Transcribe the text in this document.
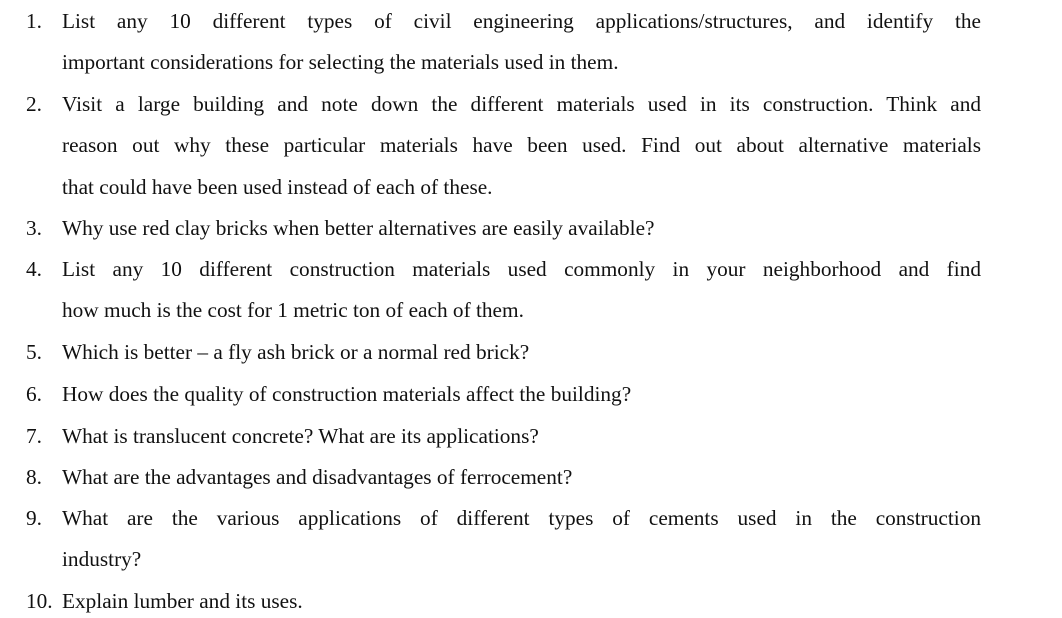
1. List any 10 different types of civil engineering applications/structures, and identify the
important considerations for selecting the materials used in them.
2. Visit a large building and note down the different materials used in its construction. Think and
reason out why these particular materials have been used. Find out about alternative materials
that could have been used instead of each of these.
3. Why use red clay bricks when better alternatives are easily available?
4. List any 10 different construction materials used commonly in your neighborhood and find
how much is the cost for 1 metric ton of each of them.
5. Which is better – a fly ash brick or a normal red brick?
6. How does the quality of construction materials affect the building?
7. What is translucent concrete? What are its applications?
8. What are the advantages and disadvantages of ferrocement?
9. What are the various applications of different types of cements used in the construction
industry?
10. Explain lumber and its uses.
